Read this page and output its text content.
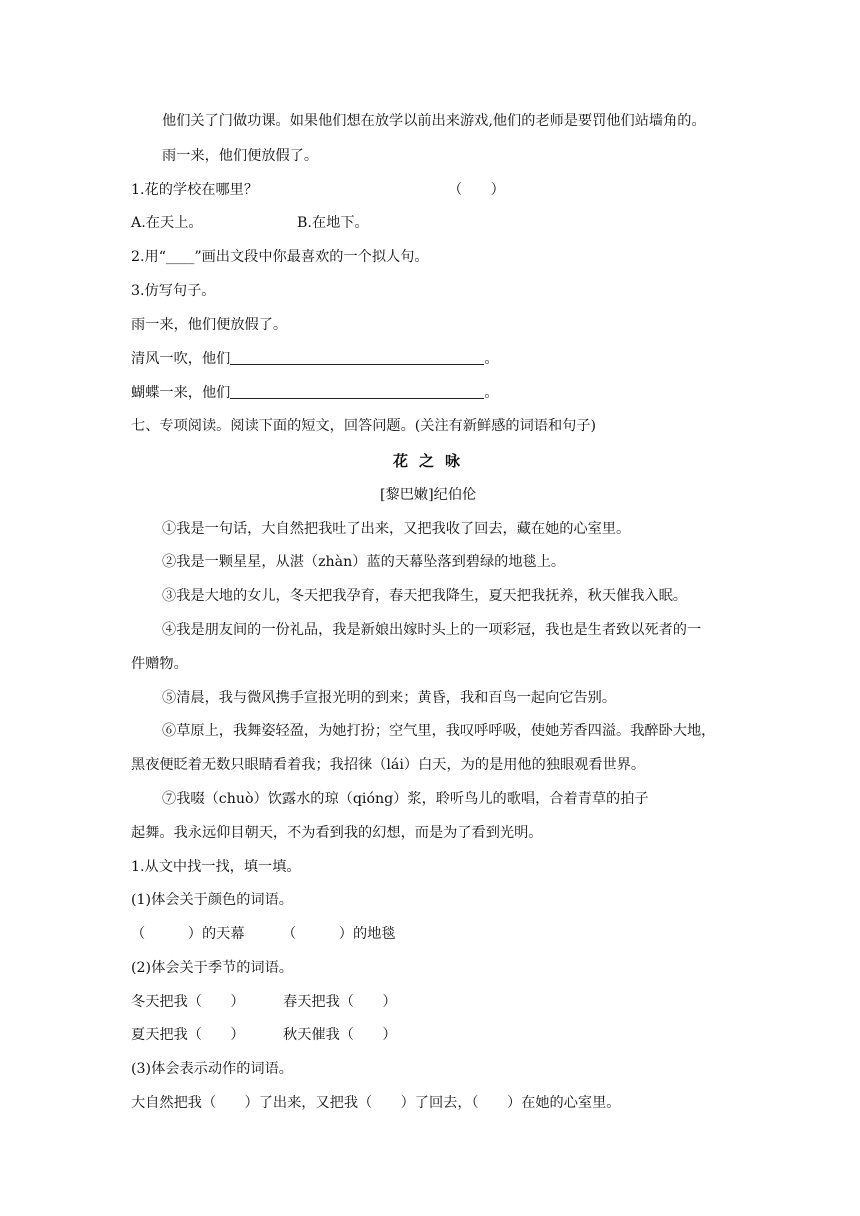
他们关了门做功课。如果他们想在放学以前出来游戏,他们的老师是要罚他们站墙角的。

雨一来，他们便放假了。

1.花的学校在哪里？	（　　）

A.在天上。	B.在地下。

2.用“____”画出文段中你最喜欢的一个拟人句。

3.仿写句子。

雨一来，他们便放假了。

清风一吹，他们	。

蝴蝶一来，他们	。

七、专项阅读。阅读下面的短文，回答问题。(关注有新鲜感的词语和句子)

花之咏

[黎巴嫩]纪伯伦

①我是一句话，大自然把我吐了出来，又把我收了回去，藏在她的心室里。

②我是一颗星星，从湛（zhàn）蓝的天幕坠落到碧绿的地毯上。

③我是大地的女儿，冬天把我孕育，春天把我降生，夏天把我抚养，秋天催我入眠。

④我是朋友间的一份礼品，我是新娘出嫁时头上的一项彩冠，我也是生者致以死者的一

件赠物。

⑤清晨，我与微风携手宣报光明的到来；黄昏，我和百鸟一起向它告别。

⑥草原上，我舞姿轻盈，为她打扮；空气里，我叹呼呼吸，使她芳香四溢。我醉卧大地，

黑夜便眨着无数只眼睛看着我；我招徕（lái）白天，为的是用他的独眼观看世界。

⑦我啜（chuò）饮露水的琼（qióng）浆，聆听鸟儿的歌唱，合着青草的拍子

起舞。我永远仰目朝天，不为看到我的幻想，而是为了看到光明。

1.从文中找一找，填一填。

(1)体会关于颜色的词语。

（　　　）的天幕	（　　　）的地毯

(2)体会关于季节的词语。

冬天把我（　　）	春天把我（　　）

夏天把我（　　）	秋天催我（　　）

(3)体会表示动作的词语。

大自然把我（　　）了出来，又把我（　　）了回去，（　　）在她的心室里。
